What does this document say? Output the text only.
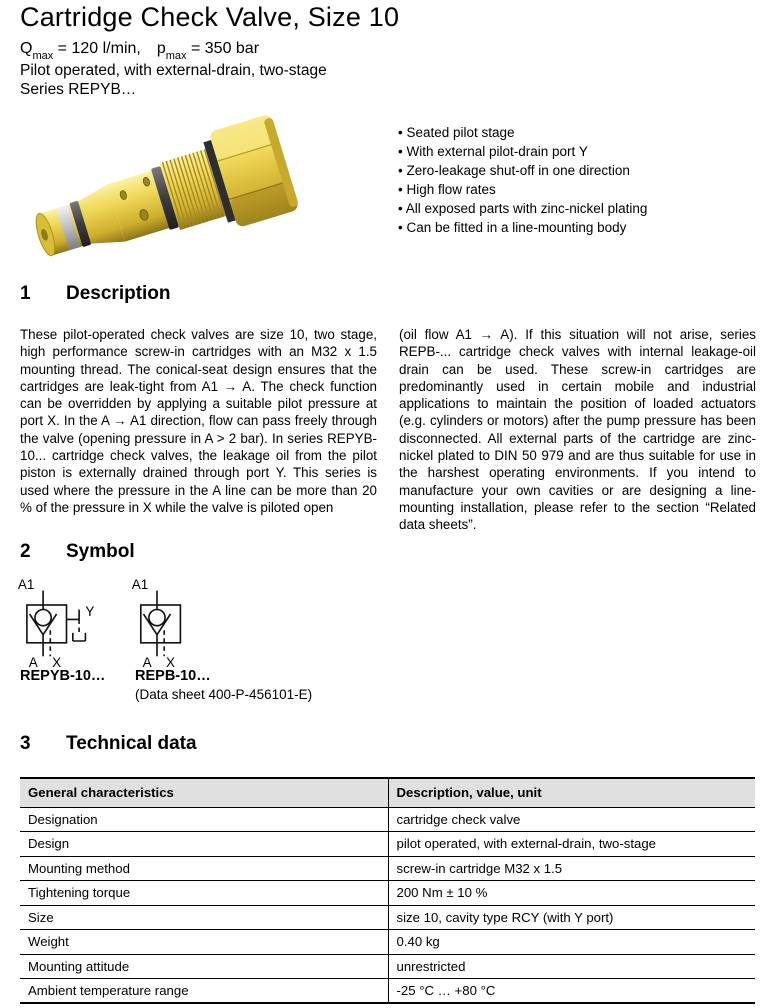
Cartridge Check Valve, Size 10
$Q_{max} = 120$ l/min, $p_{max} = 350$ bar
Pilot operated, with external-drain, two-stage
Series REPYB…
• Seated pilot stage
• With external pilot-drain port Y
• Zero-leakage shut-off in one direction
• High flow rates
• All exposed parts with zinc-nickel plating
• Can be fitted in a line-mounting body
1 Description

These pilot-operated check valves are size 10, two stage, high performance screw-in cartridges with an M32 x 1.5 mounting thread. The conical-seat design ensures that the cartridges are leak-tight from A1 → A. The check function can be overridden by applying a suitable pilot pressure at port X. In the A → A1 direction, flow can pass freely through the valve (opening pressure in A > 2 bar). In series REPYB-10... cartridge check valves, the leakage oil from the pilot piston is externally drained through port Y. This series is used where the pressure in the A line can be more than 20 % of the pressure in X while the valve is piloted open

(oil flow A1 → A). If this situation will not arise, series REPB-... cartridge check valves with internal leakage-oil drain can be used. These screw-in cartridges are predominantly used in certain mobile and industrial applications to maintain the position of loaded actuators (e.g. cylinders or motors) after the pump pressure has been disconnected. All external parts of the cartridge are zinc-nickel plated to DIN 50 979 and are thus suitable for use in the harshest operating environments. If you intend to manufacture your own cavities or are designing a line-mounting installation, please refer to the section “Related data sheets”.

2 Symbol
A1
A X
Y
A1
A X
REPYB-10… REPB-10…
(Data sheet 400-P-456101-E)
3 Technical data
General characteristics	Description, value, unit
Designation	cartridge check valve
Design	pilot operated, with external-drain, two-stage
Mounting method	screw-in cartridge M32 x 1.5
Tightening torque	200 Nm ± 10 %
Size	size 10, cavity type RCY (with Y port)
Weight	0.40 kg
Mounting attitude	unrestricted
Ambient temperature range	-25 °C … +80 °C
